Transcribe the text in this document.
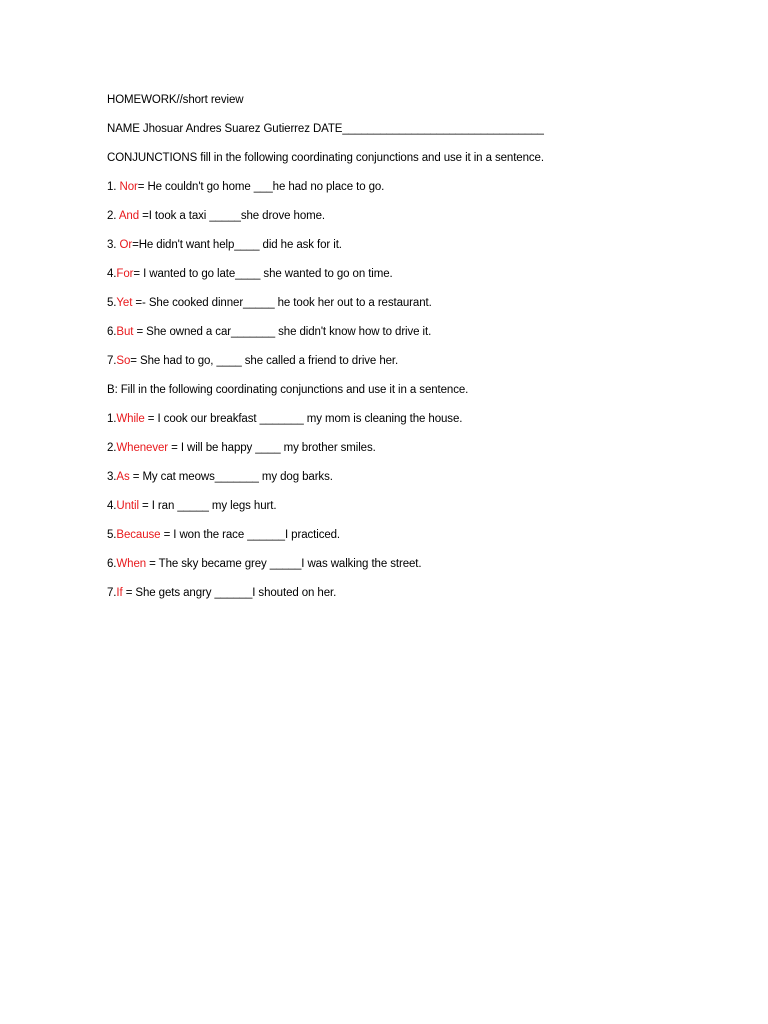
HOMEWORK//short review
NAME Jhosuar Andres Suarez Gutierrez DATE________________________________
CONJUNCTIONS fill in the following coordinating conjunctions and use it in a sentence.
1. Nor= He couldn't go home ___he had no place to go.
2. And =I took a taxi _____she drove home.
3. Or=He didn't want help____ did he ask for it.
4.For= I wanted to go late____ she wanted to go on time.
5.Yet =- She cooked dinner_____ he took her out to a restaurant.
6.But = She owned a car_______ she didn't know how to drive it.
7.So= She had to go, ____ she called a friend to drive her.
B: Fill in the following coordinating conjunctions and use it in a sentence.
1.While = I cook our breakfast _______ my mom is cleaning the house.
2.Whenever = I will be happy ____ my brother smiles.
3.As = My cat meows_______ my dog barks.
4.Until = I ran _____ my legs hurt.
5.Because = I won the race ______I practiced.
6.When = The sky became grey _____I was walking the street.
7.If = She gets angry ______I shouted on her.
